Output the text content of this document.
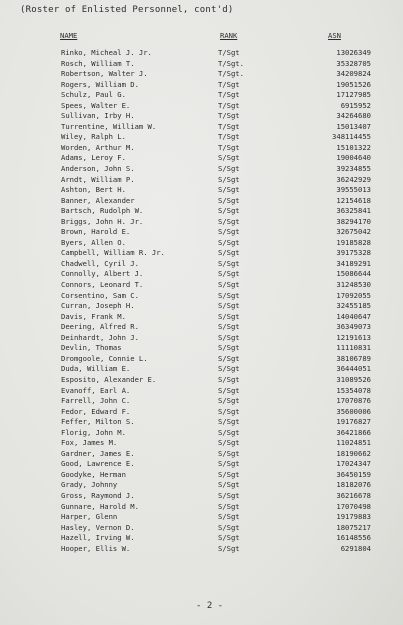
(Roster of Enlisted Personnel, cont'd)
NAME	RANK	ASN
Rinko, Micheal J. Jr.	T/Sgt	13026349
Rosch, William T.	T/Sgt.	35328705
Robertson, Walter J.	T/Sgt.	34209824
Rogers, William D.	T/Sgt	19051526
Schulz, Paul G.	T/Sgt	17127985
Spees, Walter E.	T/Sgt	6915952
Sullivan, Irby H.	T/Sgt	34264680
Turrentine, William W.	T/Sgt	15013407
Wiley, Ralph L.	T/Sgt	348114455
Worden, Arthur M.	T/Sgt	15101322
Adams, Leroy F.	S/Sgt	19004640
Anderson, John S.	S/Sgt	39234855
Arndt, William P.	S/Sgt	36242929
Ashton, Bert H.	S/Sgt	39555013
Banner, Alexander	S/Sgt	12154618
Bartsch, Rudolph W.	S/Sgt	36325841
Briggs, John H. Jr.	S/Sgt	38294170
Brown, Harold E.	S/Sgt	32675042
Byers, Allen O.	S/Sgt	19185828
Campbell, William R. Jr.	S/Sgt	39175328
Chadwell, Cyril J.	S/Sgt	34189291
Connolly, Albert J.	S/Sgt	15086644
Connors, Leonard T.	S/Sgt	31248530
Corsentino, Sam C.	S/Sgt	17092055
Curran, Joseph H.	S/Sgt	32455185
Davis, Frank M.	S/Sgt	14040647
Deering, Alfred R.	S/Sgt	36349073
Deinhardt, John J.	S/Sgt	12191613
Devlin, Thomas	S/Sgt	11110831
Dromgoole, Connie L.	S/Sgt	38106789
Duda, William E.	S/Sgt	36444051
Esposito, Alexander E.	S/Sgt	31089526
Evanoff, Earl A.	S/Sgt	15354078
Farrell, John C.	S/Sgt	17070876
Fedor, Edward F.	S/Sgt	35600006
Feffer, Milton S.	S/Sgt	19176827
Florig, John M.	S/Sgt	36421866
Fox, James M.	S/Sgt	11024851
Gardner, James E.	S/Sgt	18190662
Good, Lawrence E.	S/Sgt	17024347
Goodyke, Herman	S/Sgt	36450159
Grady, Johnny	S/Sgt	18182076
Gross, Raymond J.	S/Sgt	36216678
Gunnare, Harold M.	S/Sgt	17070498
Harper, Glenn	S/Sgt	19179883
Hasley, Vernon D.	S/Sgt	18075217
Hazell, Irving W.	S/Sgt	16148556
Hooper, Ellis W.	S/Sgt	6291804
- 2 -
